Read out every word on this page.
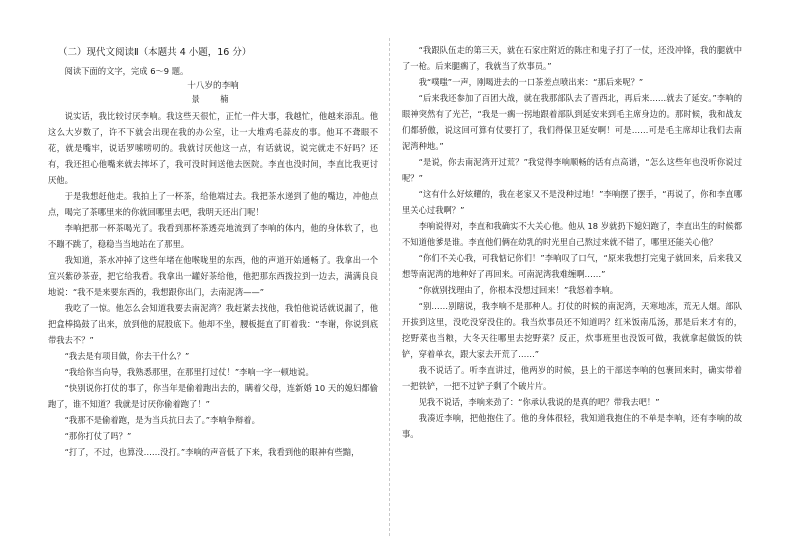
（二）现代文阅读Ⅱ（本题共 4 小题，16 分）

阅读下面的文字，完成 6～9 题。

十八岁的李响

景　楠

说实话，我比较讨厌李响。我这些天很忙，正忙一件大事，我越忙，他越来添乱。他这么大岁数了，许不下就会出现在我的办公室，让一大堆鸡毛蒜皮的事。他耳不聋眼不花，就是嘴牢，说话罗嗦唠叨的。我就讨厌他这一点，有话就说，说完就走不好吗？还有，我还担心他嘴来就去摔坏了，我可没时间送他去医院。李直也没时间，李直比我更讨厌他。

于是我想赶他走。我拍上了一杯茶，给他端过去。我把茶水递到了他的嘴边，冲他点点，喝完了茶哪里来的你就回哪里去吧，我明天还出门呢！

李响把那一杯茶喝光了。我看到那杯茶透亮地流到了李响的体内，他的身体软了，也不蹦不跳了，稳稳当当地站在了那里。

我知道，茶水冲掉了这些年堵在他喉咙里的东西，他的声道开始通畅了。我拿出一个宣兴紫砂茶壶，把它给我看。我拿出一罐好茶给他，他把那东西拨拉到一边去，满满良良地说：“我不是来要东西的，我想跟你出门，去南泥湾——”

我吃了一惊。他怎么会知道我要去南泥湾？我赶紧去找他，我怕他说话就说漏了，他把盒棒捣鼓了出来，放到他的屁股底下。他却不坐，腰板挺直了盯着我：“李谢，你说到底带我去不？”

“我去是有项目做，你去干什么？”

“我给你当向导，我熟悉那里，在那里打过仗！”李响一字一顿地说。

“快别说你打仗的事了，你当年是偷着跑出去的，瞒着父母，连新婚 10 天的媳妇都偷跑了，谁不知道？我就是讨厌你偷着跑了！”

“我那不是偷着跑，是为当兵抗日去了。”李响争辩着。

“那你打仗了吗？”

“打了，不过，也算没……没打。”李响的声音低了下来，我看到他的眼神有些黯，

“我跟队伍走的第三天，就在石家庄附近的陈庄和鬼子打了一仗，还没冲锋，我的腿就中了一枪。后来腿瘸了，我就当了炊事员。”

我“噗嗤”一声，刚喝进去的一口茶差点喷出来：“那后来呢？”

“后来我还参加了百团大战，就在我那部队去了晋西北，再后来……就去了延安。”李响的眼神突然有了光芒，“我是一瘸一拐地跟着部队到延安来到毛主席身边的。那时候，我和战友们都骄傲，说这回可算有仗要打了，我们得保卫延安啊！可是……可是毛主席却让我们去南泥湾种地。”

“是说，你去南泥湾开过荒？”我觉得李响顺畅的话有点高谱，“怎么这些年也没听你说过呢？”

“这有什么好炫耀的，我在老家又不是没种过地！”李响摆了摆手，“再说了，你和李直哪里关心过我啊？”

李响说得对，李直和我确实不大关心他。他从 18 岁就扔下媳妇跑了，李直出生的时候都不知道他爹是谁。李直他们俩在幼乳的时光里自己熬过来就不错了，哪里还能关心他？

“你们不关心我，可我惦记你们！”李响叹了口气，“原来我想打完鬼子就回来，后来我又想等南泥湾的地种好了再回来。可南泥湾我难缠啊……”

“你就别找理由了，你根本没想过回来！”我怒着李响。

“别……别瞎说，我李响不是那种人。打仗的时候的南泥湾，天寒地冻，荒无人烟。部队开拔到这里，没吃没穿没住的。我当炊事员还不知道吗？红米饭南瓜汤，那是后来才有的，挖野菜也当粮，大冬天往哪里去挖野菜？反正，炊事班里也没饭可做，我就拿起做饭的铁铲，穿着单衣，跟大家去开荒了……”

我不说话了。听李直讲过，他两岁的时候，县上的干部送李响的包裹回来时，确实带着一把铁铲，一把不过铲子剩了个破片片。

见我不说话，李响来劲了：“你承认我说的是真的吧？带我去吧！”

我凑近李响，把他抱住了。他的身体很轻，我知道我抱住的不单是李响，还有李响的故事。
